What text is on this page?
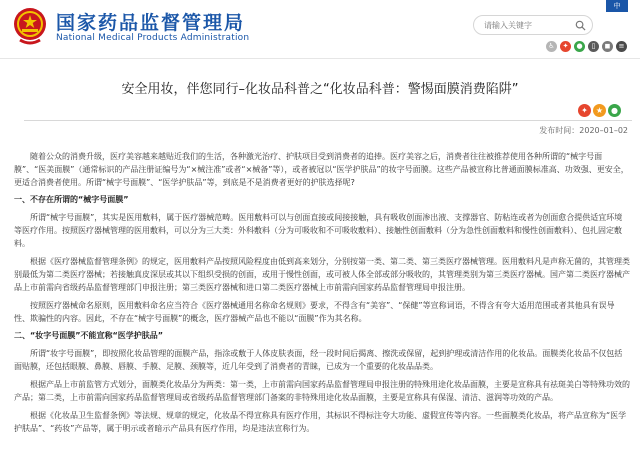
国家药品监督管理局
National Medical Products Administration
请输入关键字
中
♿	✦	●	▯	◼	≡
安全用妆，伴您同行–化妆品科普之“化妆品科普：警惕面膜消费陷阱”
✦	★ ●
发布时间：2020–01–02

随着公众的消费升级，医疗美容越来越贴近我们的生活，各种激光治疗、护肤项目受到消费者的追捧。医疗美容之后，消费者往往被推荐使用各种所谓的“械字号面膜”、“医美面膜”（通常标识的产品注册证编号为“×械注准”或者“×械备”等），或者被冠以“医学护肤品”的妆字号面膜。这些产品被宣称比普通面膜标准高、功效强、更安全，更适合消费者使用。所谓“械字号面膜”、“医学护肤品”等，到底是不是消费者更好的护肤选择呢?

一、不存在所谓的“械字号面膜”

所谓“械字号面膜”，其实是医用敷料，属于医疗器械范畴。医用敷料可以与创面直接或间接接触，具有吸收创面渗出液、支撑器官、防粘连或者为创面愈合提供适宜环境等医疗作用。按照医疗器械管理的医用敷料，可以分为三大类：外科敷料（分为可吸收和不可吸收敷料）、接触性创面敷料（分为急性创面敷料和慢性创面敷料）、包扎固定敷料。

根据《医疗器械监督管理条例》的规定，医用敷料产品按照风险程度由低到高来划分，分别按第一类、第二类、第三类医疗器械管理。医用敷料凡是声称无菌的，其管理类别最低为第二类医疗器械；若接触真皮深层或其以下组织受损的创面，或用于慢性创面，或可被人体全部或部分吸收的，其管理类别为第三类医疗器械。国产第二类医疗器械产品上市前需向省级药品监督管理部门申报注册；第三类医疗器械和进口第二类医疗器械上市前需向国家药品监督管理局申报注册。

按照医疗器械命名原则，医用敷料命名应当符合《医疗器械通用名称命名规则》要求，不得含有“美容”、“保健”等宣称词语，不得含有夸大适用范围或者其他具有误导性、欺骗性的内容。因此，不存在“械字号面膜”的概念，医疗器械产品也不能以“面膜”作为其名称。

二、“妆字号面膜”不能宣称“医学护肤品”

所谓“妆字号面膜”，即按照化妆品管理的面膜产品，指涂或敷于人体皮肤表面，经一段时间后揭离、擦洗或保留，起到护理或清洁作用的化妆品。面膜类化妆品不仅包括面贴膜，还包括眼膜、鼻膜、唇膜、手膜、足膜、颈膜等，近几年受到了消费者的青睐，已成为一个重要的化妆品品类。

根据产品上市前监管方式划分，面膜类化妆品分为两类：第一类，上市前需向国家药品监督管理局申报注册的特殊用途化妆品面膜，主要是宣称具有祛斑美白等特殊功效的产品；第二类，上市前需向国家药品监督管理局或省级药品监督管理部门备案的非特殊用途化妆品面膜，主要是宣称具有保湿、清洁、滋润等功效的产品。

根据《化妆品卫生监督条例》等法规、规章的规定，化妆品不得宣称具有医疗作用，其标识不得标注夸大功能、虚假宣传等内容。一些面膜类化妆品，将产品宣称为“医学护肤品”、“药妆”产品等，属于明示或者暗示产品具有医疗作用，均是违法宣称行为。
